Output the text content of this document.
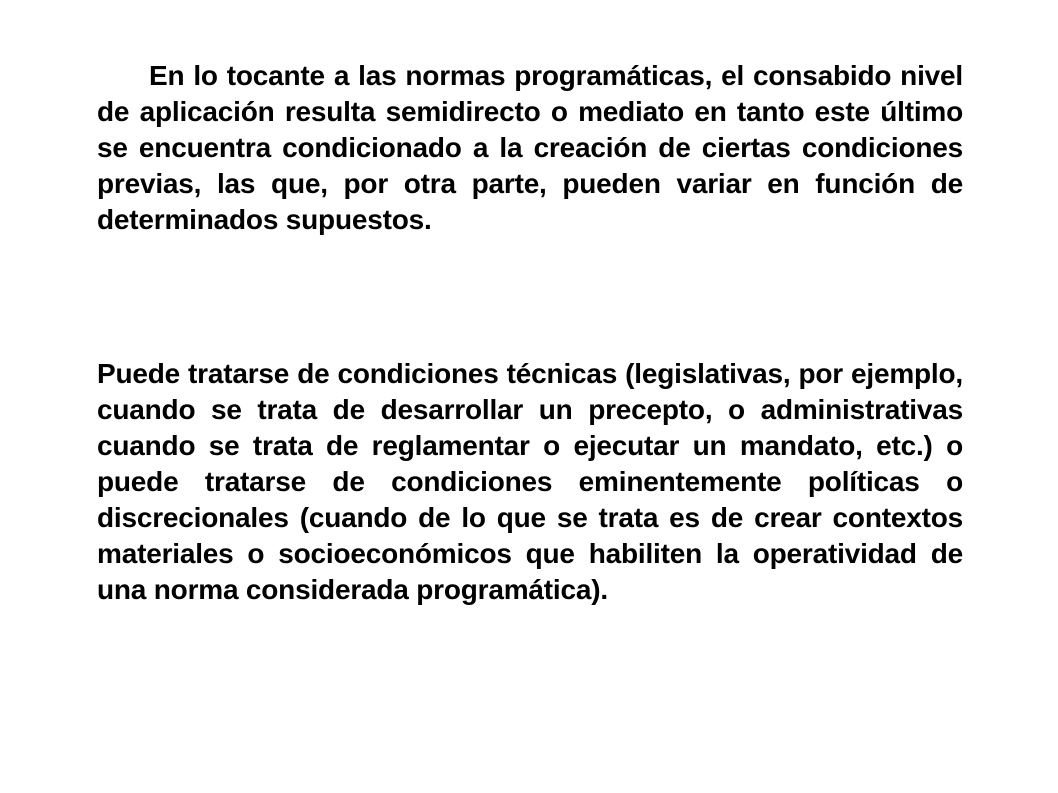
En lo tocante a las normas programáticas, el consabido nivel de aplicación resulta semidirecto o mediato en tanto este último se encuentra condicionado a la creación de ciertas condiciones previas, las que, por otra parte, pueden variar en función de determinados supuestos.

Puede tratarse de condiciones técnicas (legislativas, por ejemplo, cuando se trata de desarrollar un precepto, o administrativas cuando se trata de reglamentar o ejecutar un mandato, etc.) o puede tratarse de condiciones eminentemente políticas o discrecionales (cuando de lo que se trata es de crear contextos materiales o socioeconómicos que habiliten la operatividad de una norma considerada programática).
